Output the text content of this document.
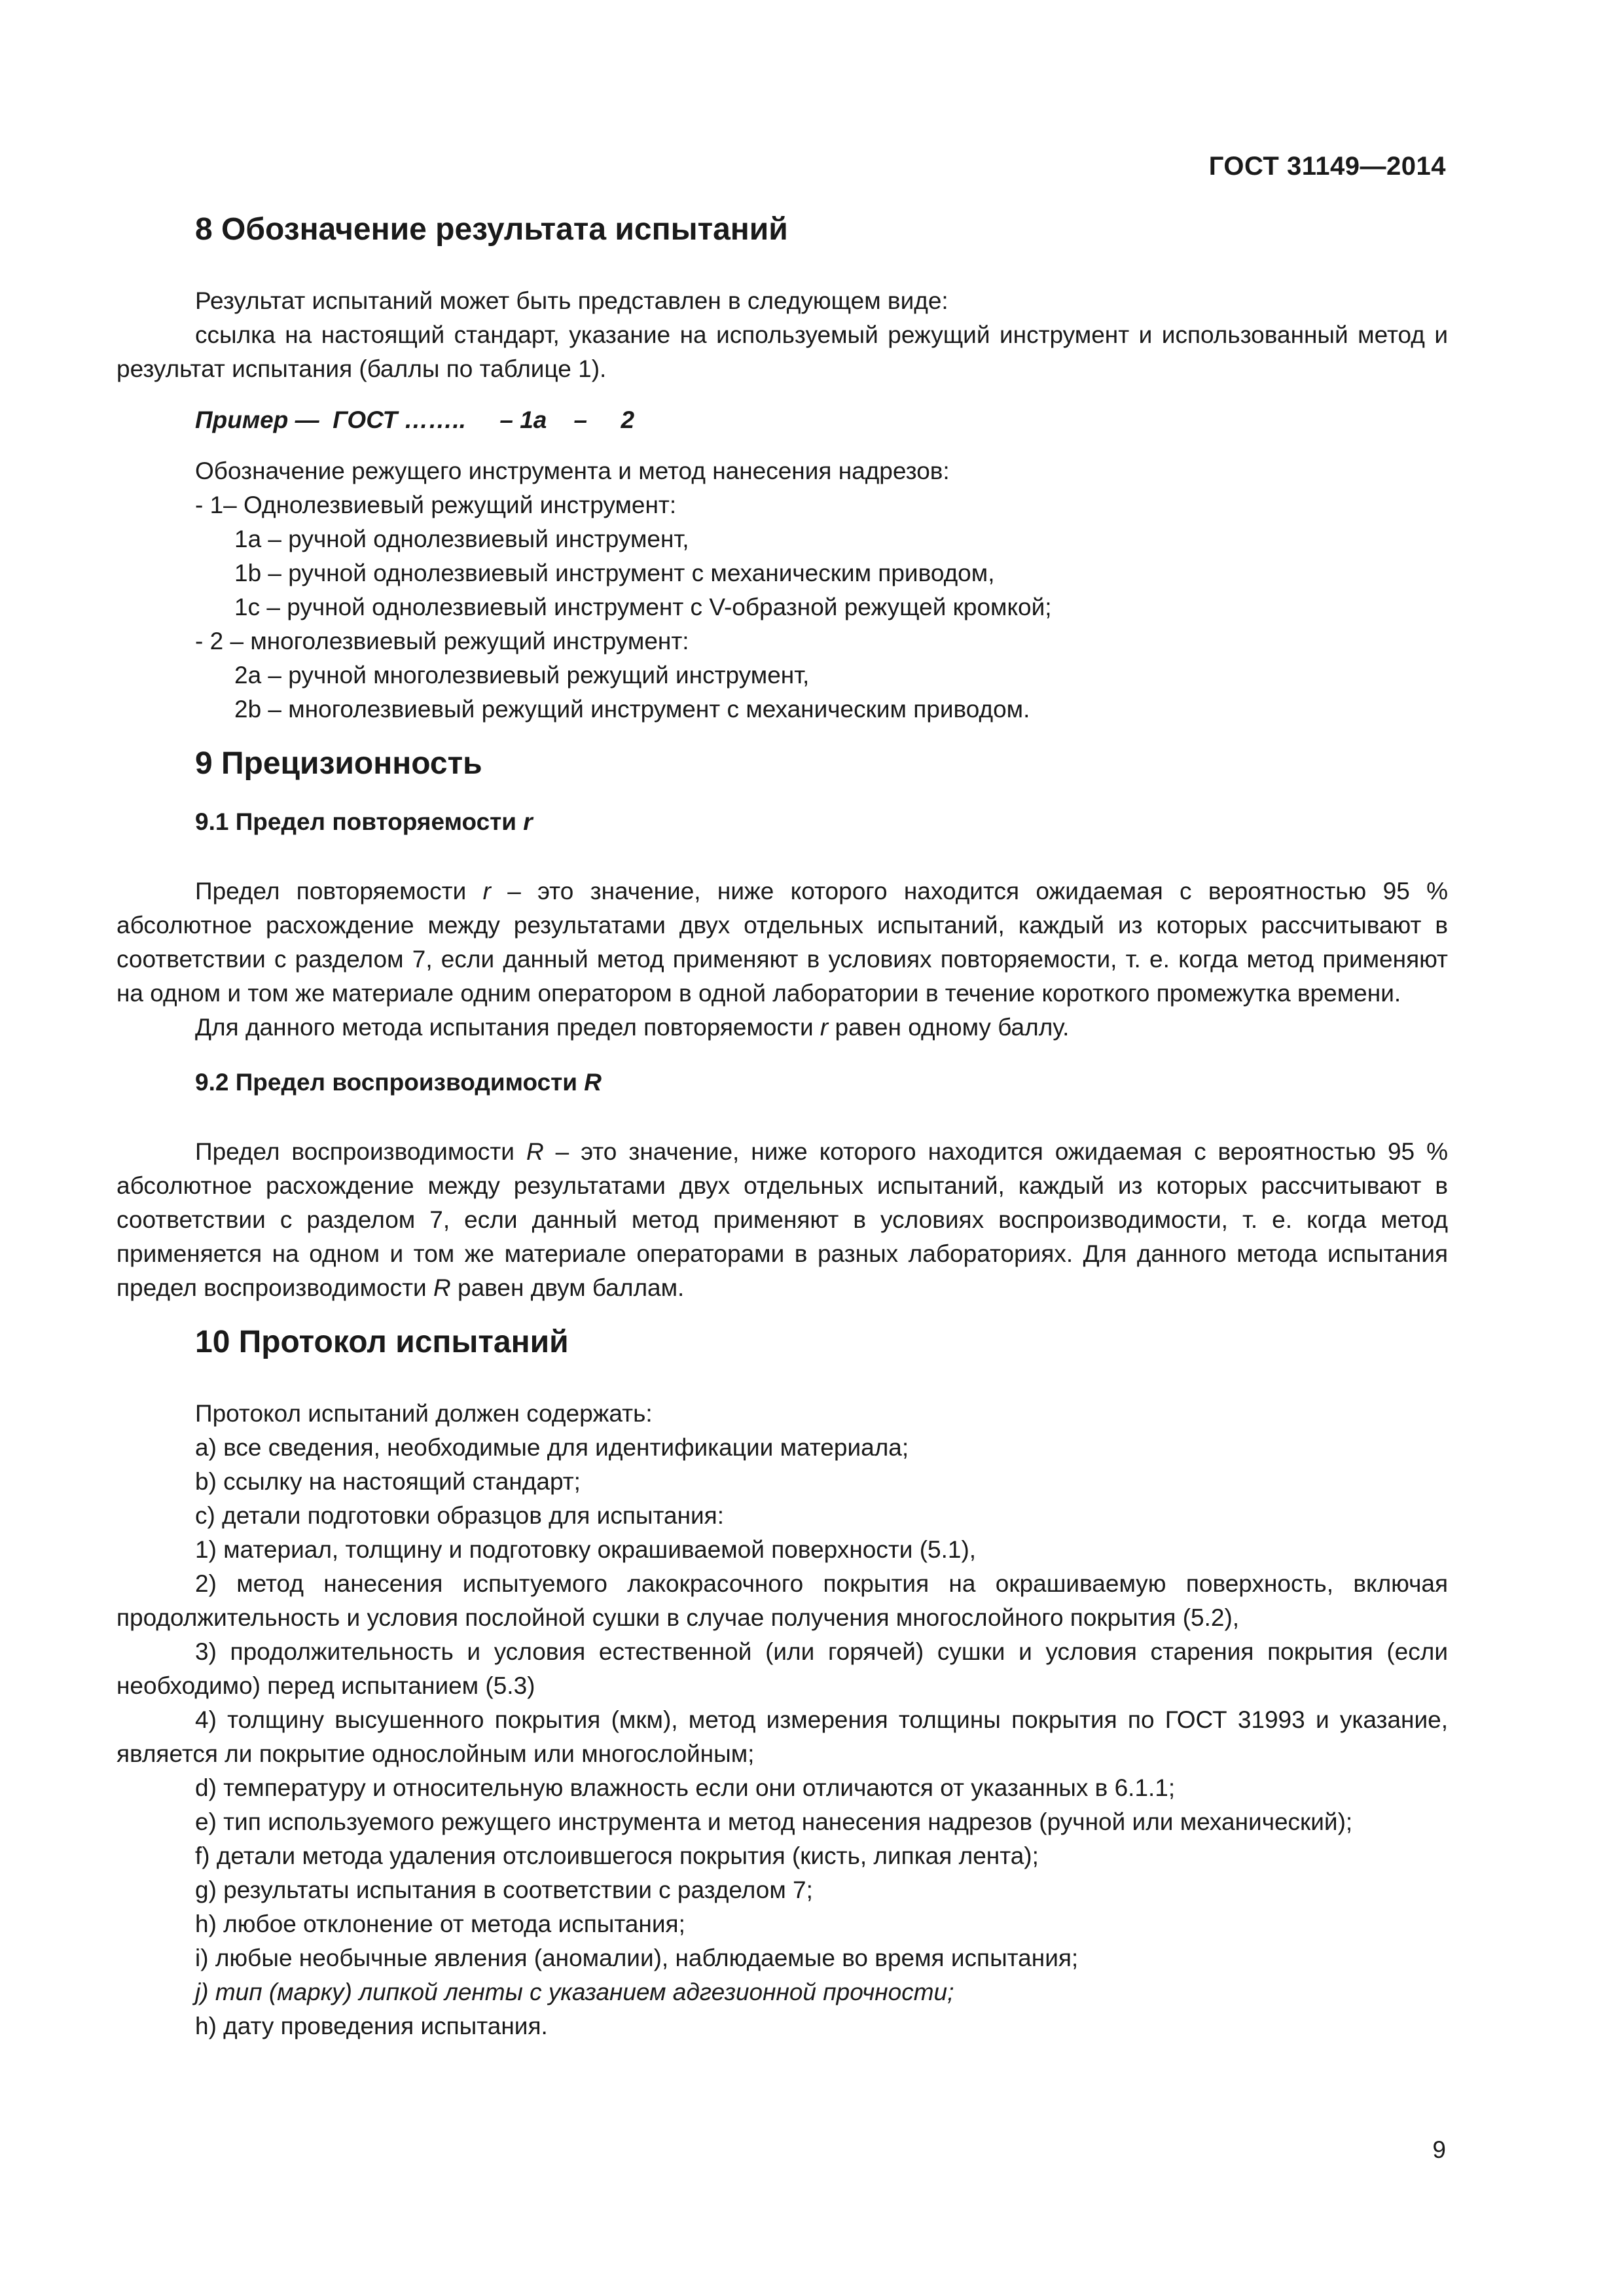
ГОСТ 31149—2014
8 Обозначение результата испытаний

Результат испытаний может быть представлен в следующем виде:

ссылка на настоящий стандарт, указание на используемый режущий инструмент и использованный метод и результат испытания (баллы по таблице 1).

Пример —  ГОСТ ……..     – 1а    –     2

Обозначение режущего инструмента и метод нанесения надрезов:

- 1– Однолезвиевый режущий инструмент:

1а – ручной однолезвиевый инструмент,

1b – ручной однолезвиевый инструмент с механическим приводом,

1с – ручной однолезвиевый инструмент с V-образной режущей кромкой;

- 2 – многолезвиевый режущий инструмент:

2а – ручной многолезвиевый режущий инструмент,

2b – многолезвиевый режущий инструмент с механическим приводом.

9 Прецизионность
9.1 Предел повторяемости r

Предел повторяемости r – это значение, ниже которого находится ожидаемая с вероятностью 95 % абсолютное расхождение между результатами двух отдельных испытаний, каждый из которых рассчитывают в соответствии с разделом 7, если данный метод применяют в условиях повторяемости, т. е. когда метод применяют на одном и том же материале одним оператором в одной лаборатории в течение короткого промежутка времени.

Для данного метода испытания предел повторяемости r равен одному баллу.

9.2 Предел воспроизводимости R

Предел воспроизводимости R – это значение, ниже которого находится ожидаемая с вероятностью 95 % абсолютное расхождение между результатами двух отдельных испытаний, каждый из которых рассчитывают в соответствии с разделом 7, если данный метод применяют в условиях воспроизводимости, т. е. когда метод применяется на одном и том же материале операторами в разных лабораториях. Для данного метода испытания предел воспроизводимости R равен двум баллам.

10 Протокол испытаний

Протокол испытаний должен содержать:

а) все сведения, необходимые для идентификации материала;

b) ссылку на настоящий стандарт;

с) детали подготовки образцов для испытания:

1) материал, толщину и подготовку окрашиваемой поверхности (5.1),

2) метод нанесения испытуемого лакокрасочного покрытия на окрашиваемую поверхность, включая продолжительность и условия послойной сушки в случае получения многослойного покрытия (5.2),

3) продолжительность и условия естественной (или горячей) сушки и условия старения покрытия (если необходимо) перед испытанием (5.3)

4) толщину высушенного покрытия (мкм), метод измерения толщины покрытия по ГОСТ 31993 и указание, является ли покрытие однослойным или многослойным;

d) температуру и относительную влажность если они отличаются от указанных в 6.1.1;

е) тип используемого режущего инструмента и метод нанесения надрезов (ручной или механический);

f) детали метода удаления отслоившегося покрытия (кисть, липкая лента);

g) результаты испытания в соответствии с разделом 7;

h) любое отклонение от метода испытания;

i) любые необычные явления (аномалии), наблюдаемые во время испытания;

j) тип (марку) липкой ленты с указанием адгезионной прочности;

h) дату проведения испытания.

9
